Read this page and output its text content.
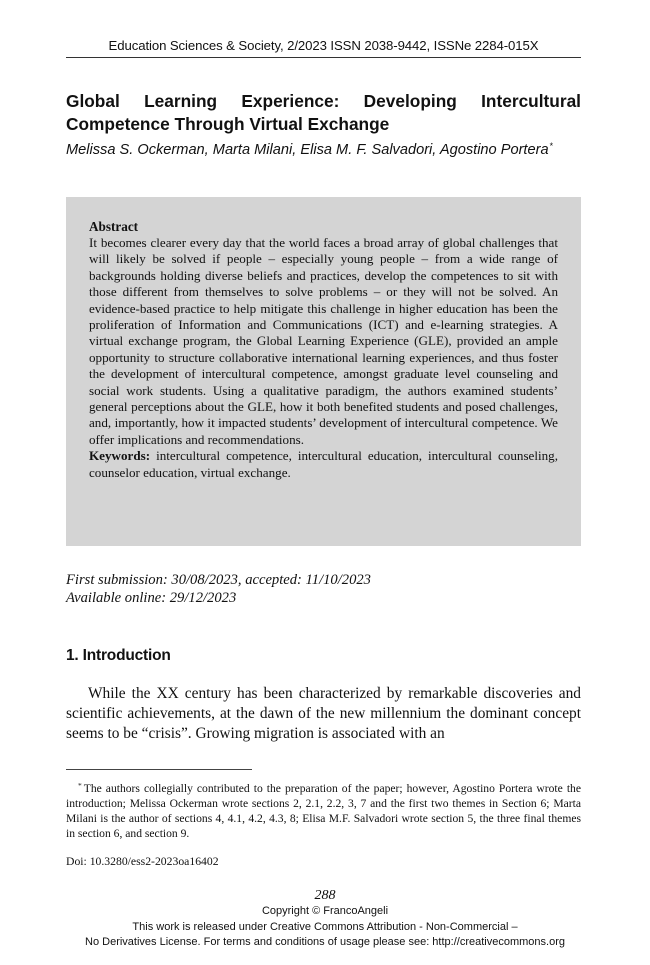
Education Sciences & Society, 2/2023 ISSN 2038-9442, ISSNe 2284-015X
Global Learning Experience: Developing Intercultural
Competence Through Virtual Exchange

Melissa S. Ockerman, Marta Milani, Elisa M. F. Salvadori, Agostino Portera*

Abstract

It becomes clearer every day that the world faces a broad array of global challenges that will likely be solved if people – especially young people – from a wide range of backgrounds holding diverse beliefs and practices, develop the competences to sit with those different from themselves to solve problems – or they will not be solved. An evidence-based practice to help mitigate this challenge in higher education has been the proliferation of Information and Communications (ICT) and e-learning strategies. A virtual exchange program, the Global Learning Experience (GLE), provided an ample opportunity to structure collaborative international learning experiences, and thus foster the development of intercultural competence, amongst graduate level counseling and social work students. Using a qualitative paradigm, the authors examined students’ general perceptions about the GLE, how it both benefited students and posed challenges, and, importantly, how it impacted students’ development of intercultural competence. We offer implications and recommendations.

Keywords: intercultural competence, intercultural education, intercultural counseling, counselor education, virtual exchange.

First submission: 30/08/2023, accepted: 11/10/2023
Available online: 29/12/2023
1. Introduction

While the XX century has been characterized by remarkable discoveries and scientific achievements, at the dawn of the new millennium the dominant concept seems to be “crisis”. Growing migration is associated with an

* The authors collegially contributed to the preparation of the paper; however, Agostino Portera wrote the introduction; Melissa Ockerman wrote sections 2, 2.1, 2.2, 3, 7 and the first two themes in Section 6; Marta Milani is the author of sections 4, 4.1, 4.2, 4.3, 8; Elisa M.F. Salvadori wrote section 5, the three final themes in section 6, and section 9.

Doi: 10.3280/ess2-2023oa16402

288
Copyright © FrancoAngeli
This work is released under Creative Commons Attribution - Non-Commercial –
No Derivatives License. For terms and conditions of usage please see: http://creativecommons.org
